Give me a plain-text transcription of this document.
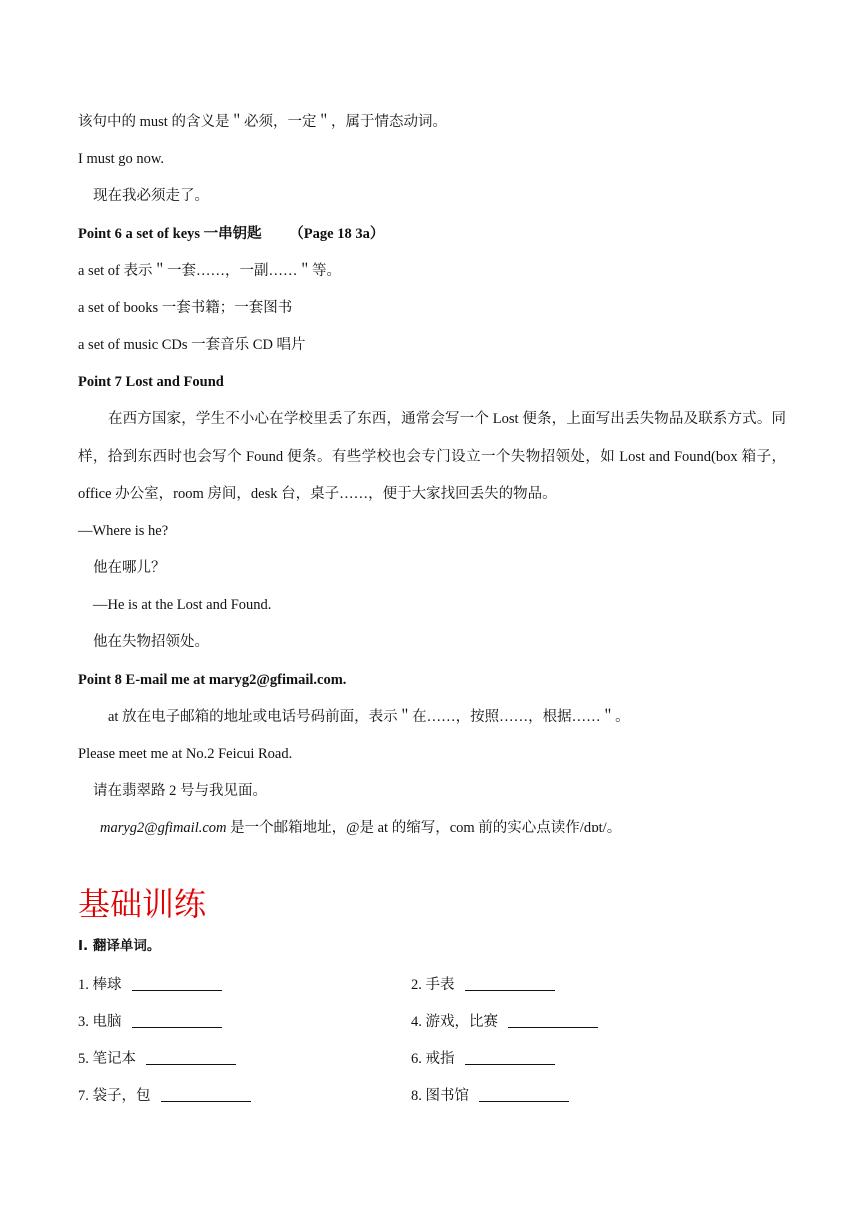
该句中的 must 的含义是＂必须，一定＂，属于情态动词。
I must go now.
现在我必须走了。
Point 6 a set of keys 一串钥匙 （Page 18 3a）
a set of 表示＂一套……，一副……＂等。
a set of books 一套书籍；一套图书
a set of music CDs 一套音乐 CD 唱片
Point 7 Lost and Found
在西方国家，学生不小心在学校里丢了东西，通常会写一个 Lost 便条，上面写出丢失物品及联系方式。同样，拾到东西时也会写个 Found 便条。有些学校也会专门设立一个失物招领处，如 Lost and Found(box 箱子，office 办公室，room 房间，desk 台，桌子……，便于大家找回丢失的物品。
—Where is he?
他在哪儿？
—He is at the Lost and Found.
他在失物招领处。
Point 8 E-mail me at maryg2@gfimail.com.
at 放在电子邮箱的地址或电话号码前面，表示＂在……，按照……，根据……＂。
Please meet me at No.2 Feicui Road.
请在翡翠路 2 号与我见面。
maryg2@gfimail.com 是一个邮箱地址，@是 at 的缩写，com 前的实心点读作/dɒt/。
基础训练
I. 翻译单词。
1. 棒球	2. 手表
3. 电脑	4. 游戏，比赛
5. 笔记本	6. 戒指
7. 袋子，包	8. 图书馆
